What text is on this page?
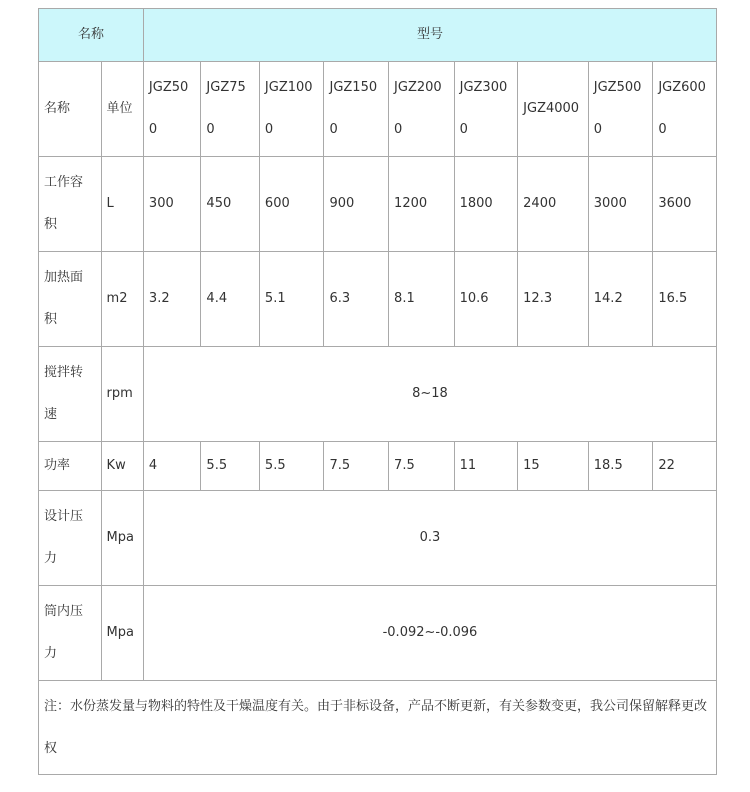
名称		型号								
名称	单位	JGZ500	JGZ750	JGZ1000	JGZ1500	JGZ2000	JGZ3000	JGZ4000	JGZ5000	JGZ6000
工作容积	L	300	450	600	900	1200	1800	2400	3000	3600
加热面积	m2	3.2	4.4	5.1	6.3	8.1	10.6	12.3	14.2	16.5
搅拌转速	rpm	8~18								
功率	Kw	4	5.5	5.5	7.5	7.5	11	15	18.5	22
设计压力	Mpa	0.3								
筒内压力	Mpa	-0.092~-0.096								
注：水份蒸发量与物料的特性及干燥温度有关。由于非标设备，产品不断更新，有关参数变更，我公司保留解释更改权										
